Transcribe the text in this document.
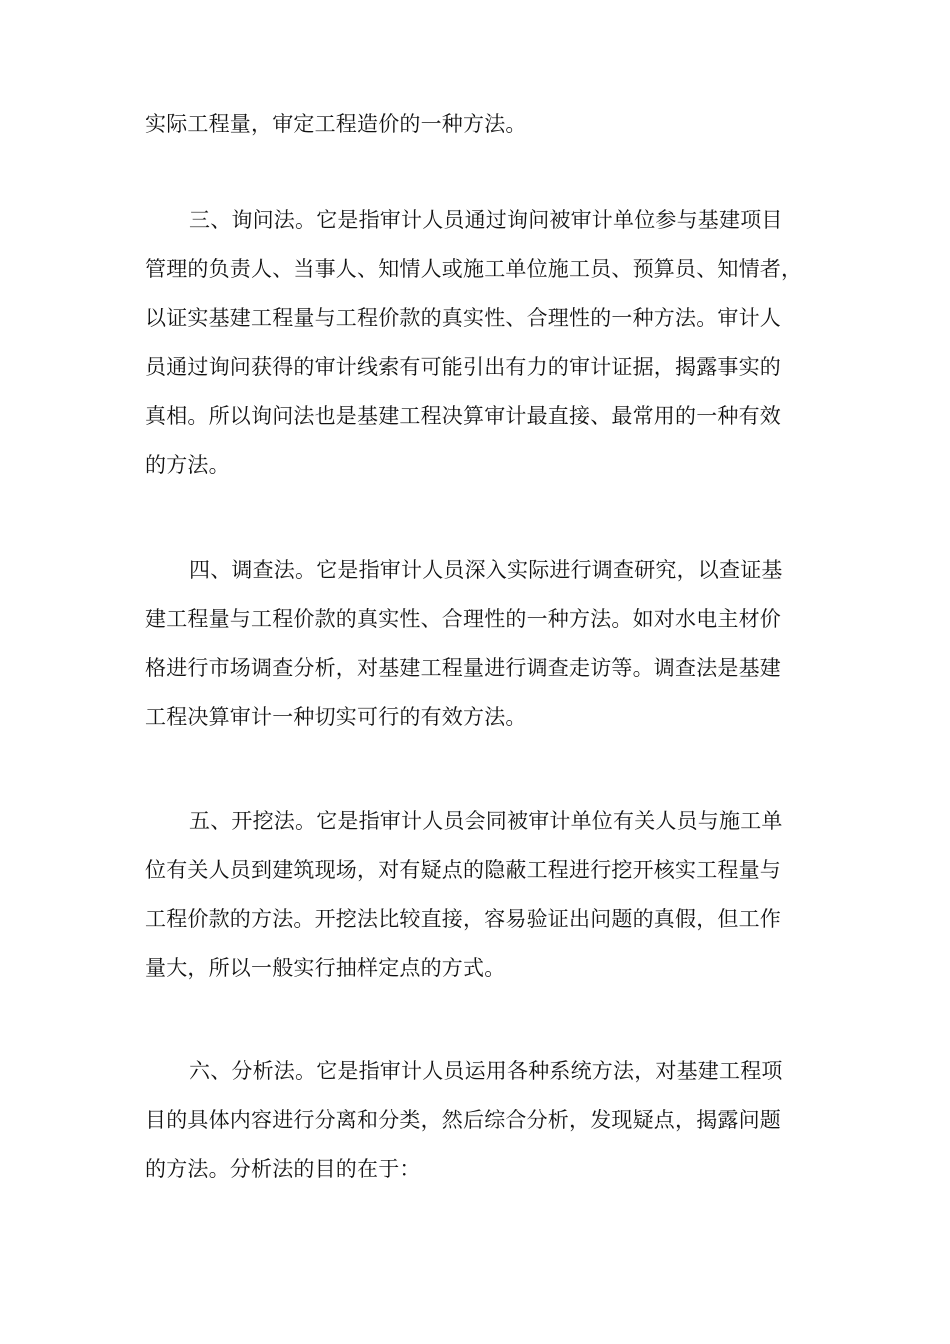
实际工程量，审定工程造价的一种方法。
三、询问法。它是指审计人员通过询问被审计单位参与基建项目
管理的负责人、当事人、知情人或施工单位施工员、预算员、知情者，
以证实基建工程量与工程价款的真实性、合理性的一种方法。审计人
员通过询问获得的审计线索有可能引出有力的审计证据，揭露事实的
真相。所以询问法也是基建工程决算审计最直接、最常用的一种有效
的方法。
四、调查法。它是指审计人员深入实际进行调查研究，以查证基
建工程量与工程价款的真实性、合理性的一种方法。如对水电主材价
格进行市场调查分析，对基建工程量进行调查走访等。调查法是基建
工程决算审计一种切实可行的有效方法。
五、开挖法。它是指审计人员会同被审计单位有关人员与施工单
位有关人员到建筑现场，对有疑点的隐蔽工程进行挖开核实工程量与
工程价款的方法。开挖法比较直接，容易验证出问题的真假，但工作
量大，所以一般实行抽样定点的方式。
六、分析法。它是指审计人员运用各种系统方法，对基建工程项
目的具体内容进行分离和分类，然后综合分析，发现疑点，揭露问题
的方法。分析法的目的在于：
